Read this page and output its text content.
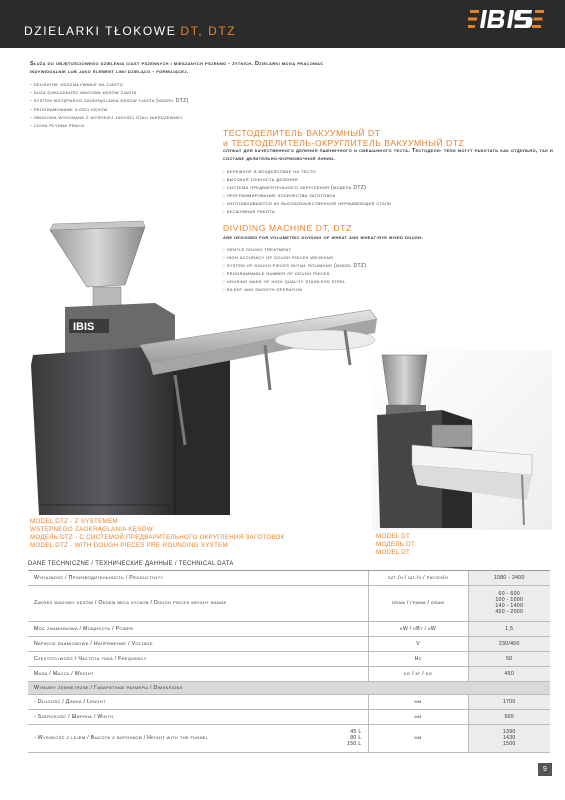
DZIELARKI TŁOKOWE DT, DTZ

Służą do objętościowego dzielenia ciast pszennych i mieszanych pszenno - żytnich. Dzielarki mogą pracować indywidualnie lub jako element linii dzieląco - formującej.

- delikatne oddziaływanie na ciasto
- duża dokładność wagowa kęsów ciasta
- system wstępnego zaokrąglania kęsów ciasta (model DTZ)
- programowane ilości kęsów
- obudowa wykonana z wysokiej jakości stali nierdzewnej
- cicha płynna praca
ТЕСТОДЕЛИТЕЛЬ ВАКУУМНЫЙ DT
и ТЕСТОДЕЛИТЕЛЬ-ОКРУГЛИТЕЛЬ ВАКУУМНЫЙ DTZ

служат для качественного деления пшеничного и смешанного теста. Тестодели- тели могут работать как отдельно, так и составе делительно-формовочной линии.

- бережное в воздействие на тесто
- высокая точность деления
- система предварительного округления (модель DTZ)
- программирование количества заготовок
- изготавливаются из высококачественной нержавеющей стали
- бесшумная работа
DIVIDING MACHINE DT, DTZ

are designed for volumetric dividing of wheat and wheat-rye mixed dough.

- gentle dough treatment
- high accuracy of dough pieces weighing
- system of dough pieces initial rounding (model DTZ)
- programmable number of dough pieces
- housing made of high quality stainless steel
- silent and smooth operation
IBIS
MODEL DTZ - Z SYSTEMEM
WSTĘPNEGO ZAOKRĄGLANIA KĘSÓW
МОДЕЛЬ DTZ - С СИСТЕМОЙ ПРЕДВАРИТЕЛЬНОГО ОКРУГЛЕНИЯ ЗАГОТОВОК
MODEL DTZ - WITH DOUGH PIECES PRE-ROUNDING SYSTEM
MODEL DT
МОДЕЛЬ DT
MODEL DT
DANE TECHNICZNE / ТЕХНИЧЕСКИЕ ДАННЫЕ / TECHNICAL DATA
Wydajność / Производительность / Productivity		szt./h / шт./ч / pieces/h	1080 - 2400

Zakres wagowy kęsów / Объем веса кусков / Dough pieces weight range		gram / грамм / gram	60 - 600
100 - 1000
140 - 1400
450 - 2000

Moc znamionowa / Мощность / Power		kW / kBт / kW	1,5

Napięcie znamionowe / Напряжение / Voltage		V	230/400

Częstotliwość / Частота тока / Frequency		Hz	50

Masa / Масса / Weight		kg / кг / kg	450

Wymiary zewnętrzne / Габаритные размеры / Dimensions			
- Długość / Длина / Lenght		mm	1700

- Szerokość / Ширина / Width		mm	565

- Wysokość z lejem / Высота с воронкой / Height with the funnel	45 L
80 L
150 L	mm	1390
1430
1500
9
